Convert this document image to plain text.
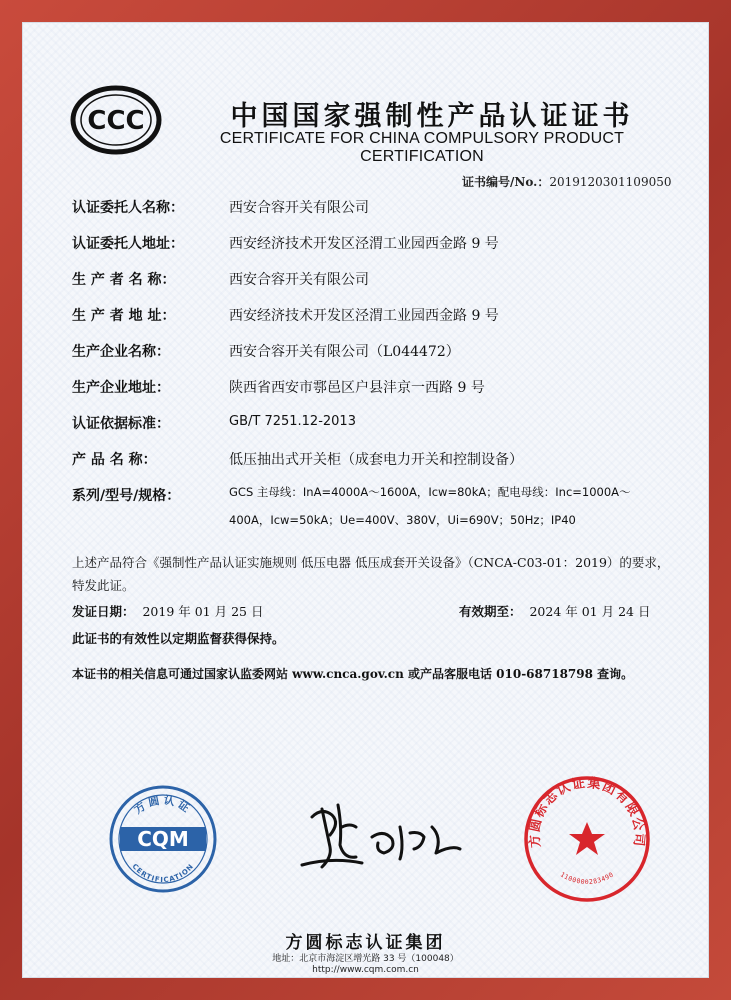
CCC	中国国家强制性产品认证证书
CERTIFICATE FOR CHINA COMPULSORY PRODUCT CERTIFICATION
证书编号/No.：2019120301109050
认证委托人名称：	西安合容开关有限公司
认证委托人地址：	西安经济技术开发区泾渭工业园西金路 9 号
生 产 者 名 称：	西安合容开关有限公司
生 产 者 地 址：	西安经济技术开发区泾渭工业园西金路 9 号
生产企业名称：	西安合容开关有限公司（L044472）
生产企业地址：	陕西省西安市鄠邑区户县沣京一西路 9 号
认证依据标准：	GB/T 7251.12-2013
产 品 名 称：	低压抽出式开关柜（成套电力开关和控制设备）
系列/型号/规格：	GCS 主母线：InA=4000A～1600A，Icw=80kA；配电母线：Inc=1000A～
400A，Icw=50kA；Ue=400V、380V，Ui=690V；50Hz；IP40
上述产品符合《强制性产品认证实施规则 低压电器 低压成套开关设备》（CNCA-C03-01：2019）的要求，
特发此证。
发证日期： 2019 年 01 月 25 日	有效期至： 2024 年 01 月 24 日
此证书的有效性以定期监督获得保持。
本证书的相关信息可通过国家认监委网站 www.cnca.gov.cn 或产品客服电话 010-68718798 查询。
方圆认证
CQM
CERTIFICATION
方圆标志认证集团有限公司
1100000283490
方圆标志认证集团
地址：北京市海淀区增光路 33 号（100048）
http://www.cqm.com.cn
